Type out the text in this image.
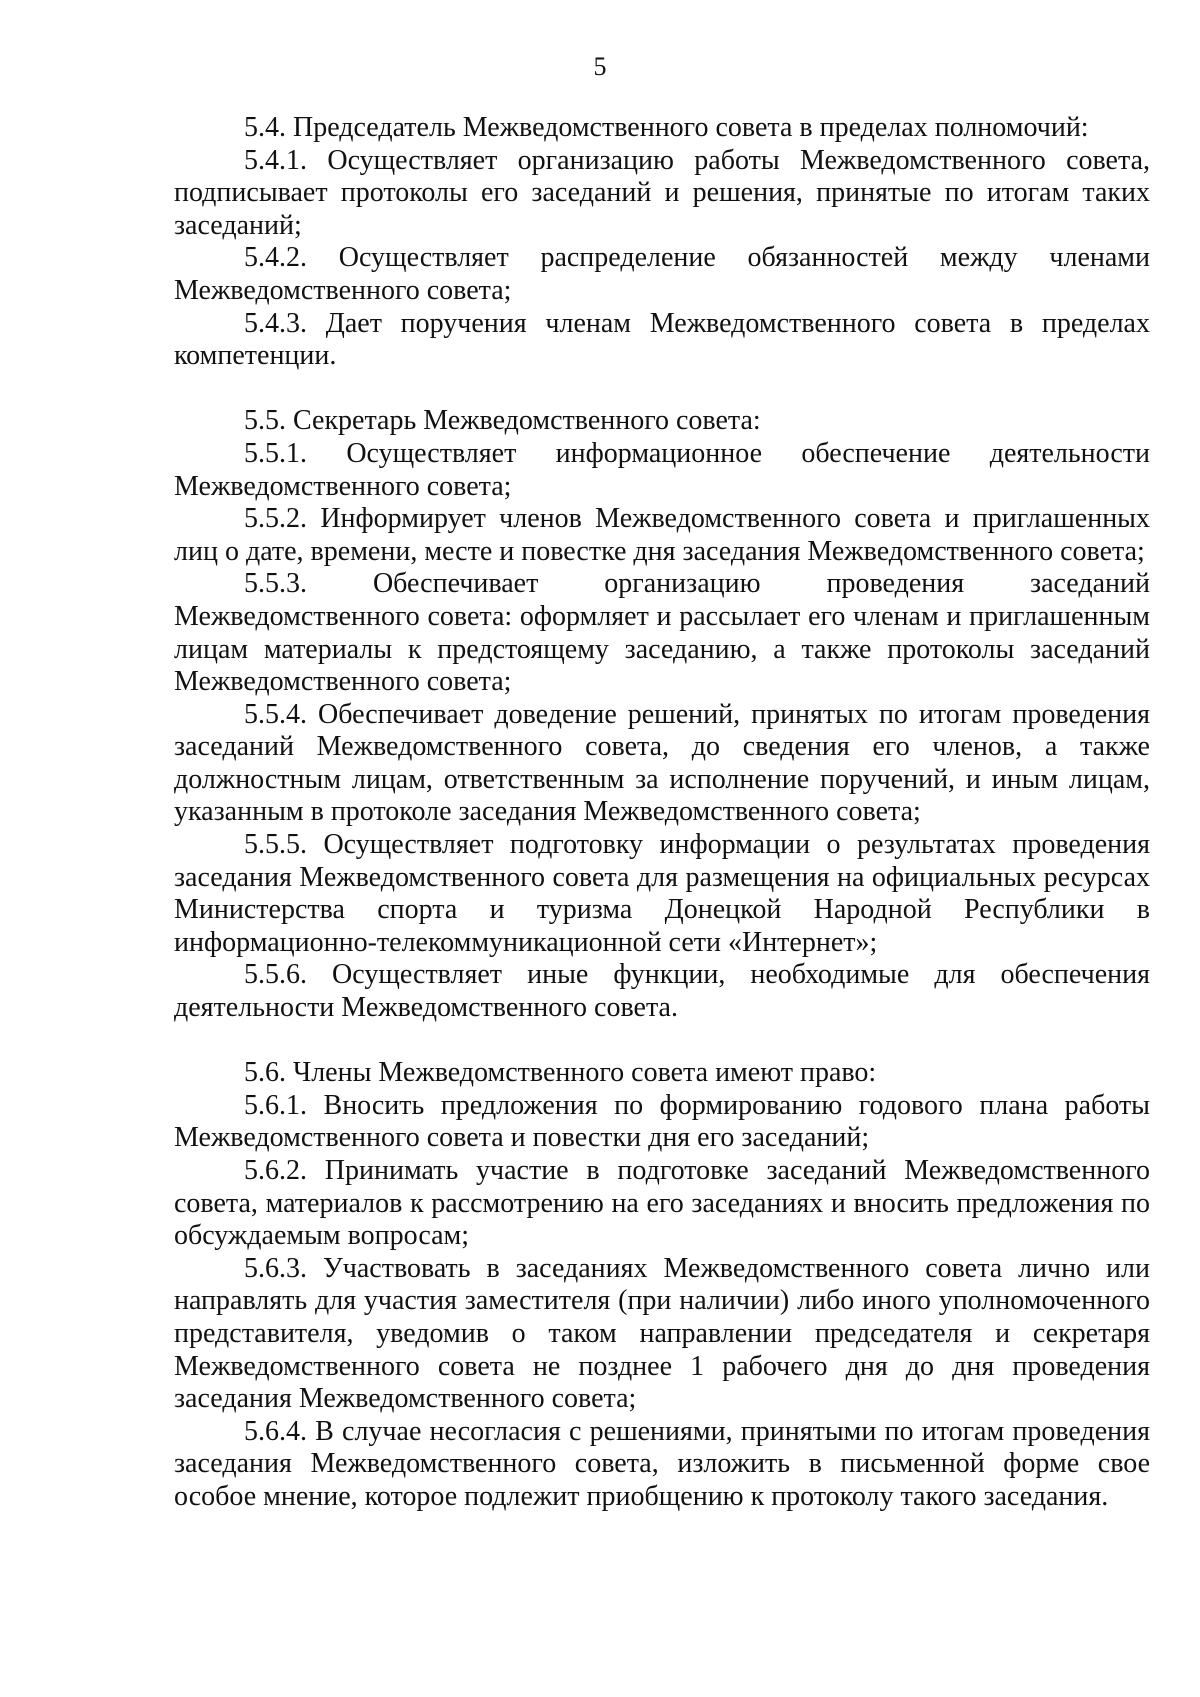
5

5.4. Председатель Межведомственного совета в пределах полномочий:

5.4.1. Осуществляет организацию работы Межведомственного совета, подписывает протоколы его заседаний и решения, принятые по итогам таких заседаний;

5.4.2. Осуществляет распределение обязанностей между членами Межведомственного совета;

5.4.3. Дает поручения членам Межведомственного совета в пределах компетенции.

5.5. Секретарь Межведомственного совета:

5.5.1. Осуществляет информационное обеспечение деятельности Межведомственного совета;

5.5.2. Информирует членов Межведомственного совета и приглашенных лиц о дате, времени, месте и повестке дня заседания Межведомственного совета;

5.5.3. Обеспечивает организацию проведения заседаний Межведомственного совета: оформляет и рассылает его членам и приглашенным лицам материалы к предстоящему заседанию, а также протоколы заседаний Межведомственного совета;

5.5.4. Обеспечивает доведение решений, принятых по итогам проведения заседаний Межведомственного совета, до сведения его членов, а также должностным лицам, ответственным за исполнение поручений, и иным лицам, указанным в протоколе заседания Межведомственного совета;

5.5.5. Осуществляет подготовку информации о результатах проведения заседания Межведомственного совета для размещения на официальных ресурсах Министерства спорта и туризма Донецкой Народной Республики в информационно-телекоммуникационной сети «Интернет»;

5.5.6. Осуществляет иные функции, необходимые для обеспечения деятельности Межведомственного совета.

5.6. Члены Межведомственного совета имеют право:

5.6.1. Вносить предложения по формированию годового плана работы Межведомственного совета и повестки дня его заседаний;

5.6.2. Принимать участие в подготовке заседаний Межведомственного совета, материалов к рассмотрению на его заседаниях и вносить предложения по обсуждаемым вопросам;

5.6.3. Участвовать в заседаниях Межведомственного совета лично или направлять для участия заместителя (при наличии) либо иного уполномоченного представителя, уведомив о таком направлении председателя и секретаря Межведомственного совета не позднее 1 рабочего дня до дня проведения заседания Межведомственного совета;

5.6.4. В случае несогласия с решениями, принятыми по итогам проведения заседания Межведомственного совета, изложить в письменной форме свое особое мнение, которое подлежит приобщению к протоколу такого заседания.
